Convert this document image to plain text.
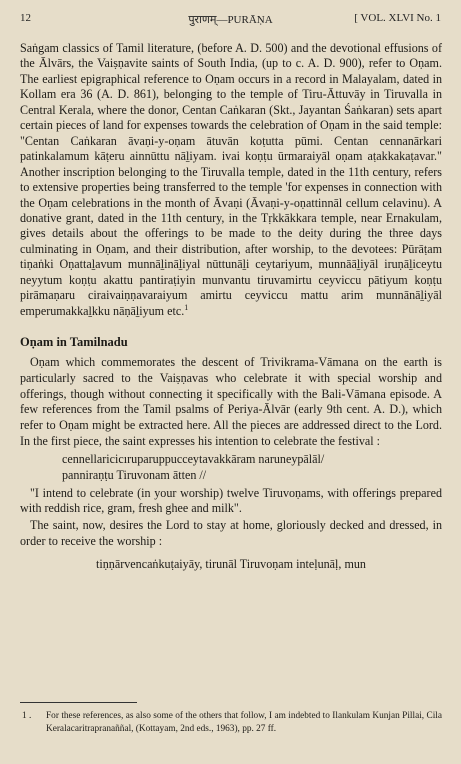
12	पुराणम्—PURĀṆA	[ VOL. XLVI No. 1

Saṅgam classics of Tamil literature, (before A. D. 500) and the devotional effusions of the Ālvārs, the Vaiṣṇavite saints of South India, (up to c. A. D. 900), refer to Oṇam. The earliest epigraphical reference to Oṇam occurs in a record in Malayalam, dated in Kollam era 36 (A. D. 861), belonging to the temple of Tiru-Āttuvāy in Tiruvalla in Central Kerala, where the donor, Centan Caṅkaran (Skt., Jayantan Śaṅkaran) sets apart certain pieces of land for expenses towards the celebration of Oṇam in the said temple: "Centan Caṅkaran āvaṇi-y-oṇam ātuvān koṭutta pūmi. Centan cennanārkari patinkalamum kāṭeru ainnūttu nāḻiyam. ivai koṇṭu ūrmaraiyāl oṇam aṭakkakaṭavar." Another inscription belonging to the Tiruvalla temple, dated in the 11th century, refers to extensive properties being transferred to the temple 'for expenses in connection with the Oṇam celebrations in the month of Āvaṇi (Āvaṇi-y-oṇattinnāl cellum celavinu). A donative grant, dated in the 11th century, in the Tṛkkākkara temple, near Ernakulam, gives details about the offerings to be made to the deity during the three days culminating in Oṇam, and their distribution, after worship, to the devotees: Pūrāṭam tiṇaṅki Oṇattaḻavum munnāḻināḻiyal nūttunāḻi ceytariyum, munnāāḻiyāl iruṇāḻiceytu neyytum koṇṭu akattu pantiraṭiyin munvantu tiruvamirtu ceyviccu pātiyum koṇṭu pirāmaṇaru ciraivaiṇṇavaraiyum amirtu ceyviccu mattu arim munnānāḻiyāl emperumakkaḻkku nāṇāḻiyum etc.$^1$

Oṇam in Tamilnadu

Oṇam which commemorates the descent of Trivikrama-Vāmana on the earth is particularly sacred to the Vaiṣṇavas who celebrate it with special worship and offerings, though without connecting it specifically with the Bali-Vāmana episode. A few references from the Tamil psalms of Periya-Ālvār (early 9th cent. A. D.), which refer to Oṇam might be extracted here. All the pieces are addressed direct to the Lord. In the first piece, the saint expresses his intention to celebrate the festival :

cennellaricicıruparuppucceytavakkāram naruneypālāl/
panniraṇṭu Tiruvonam ātten //

"I intend to celebrate (in your worship) twelve Tiruvoṇams, with offerings prepared with reddish rice, gram, fresh ghee and milk".

The saint, now, desires the Lord to stay at home, gloriously decked and dressed, in order to receive the worship :

tiṇṇārvencaṅkuṭaiyāy, tirunāl Tiruvoṇam inteḷunāḷ, mun
1 . For these references, as also some of the others that follow, I am indebted to Ilankulam Kunjan Pillai, Cila Keralacaritrapranaññal, (Kottayam, 2nd eds., 1963), pp. 27 ff.
